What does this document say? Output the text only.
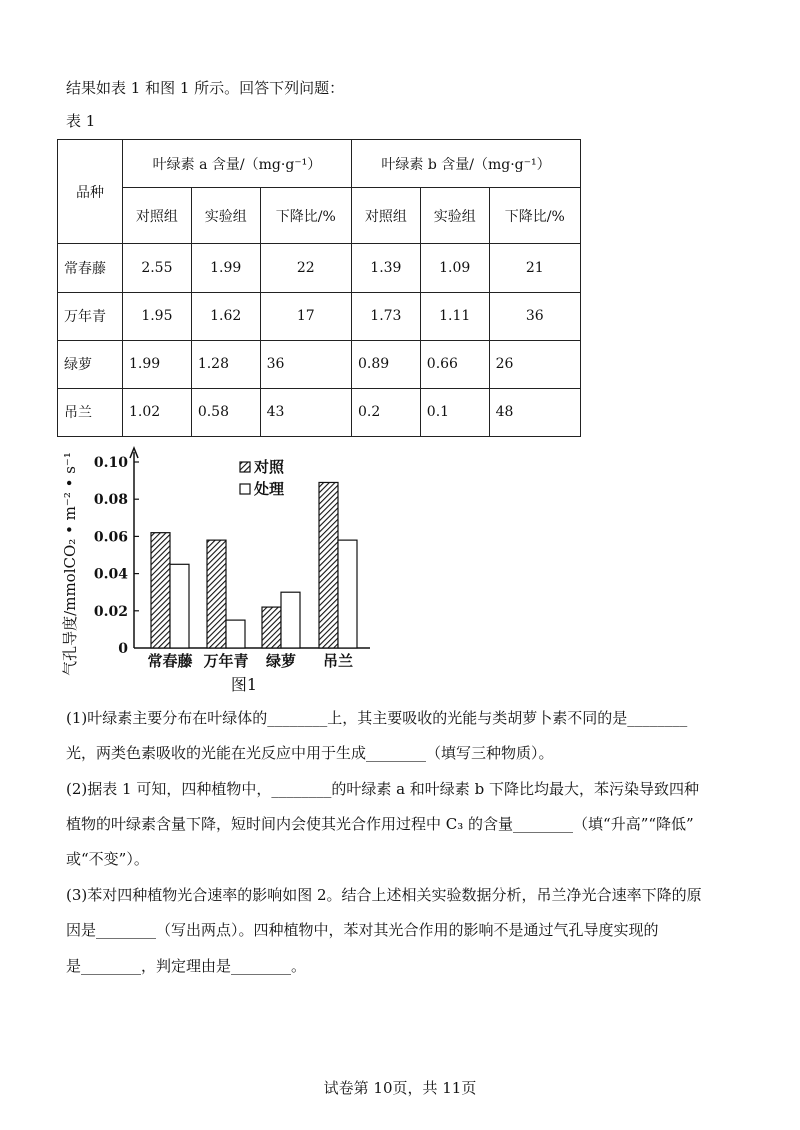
结果如表 1 和图 1 所示。回答下列问题：
表 1
品种	叶绿素 a 含量/（mg·g⁻¹）			叶绿素 b 含量/（mg·g⁻¹）		
	对照组	实验组	下降比/%	对照组	实验组	下降比/%
常春藤	2.55	1.99	22	1.39	1.09	21
万年青	1.95	1.62	17	1.73	1.11	36
绿萝	1.99	1.28	36	0.89	0.66	26
吊兰	1.02	0.58	43	0.2	0.1	48
气孔导度/mmolCO₂ • m⁻² • s⁻¹	0
0.02
0.04
0.06
0.08
0.10
常春藤 万年青 绿萝 吊兰
对照
处理
图1
(1)叶绿素主要分布在叶绿体的________上，其主要吸收的光能与类胡萝卜素不同的是________
光，两类色素吸收的光能在光反应中用于生成________（填写三种物质）。
(2)据表 1 可知，四种植物中，________的叶绿素 a 和叶绿素 b 下降比均最大，苯污染导致四种
植物的叶绿素含量下降，短时间内会使其光合作用过程中 C₃ 的含量________（填“升高”“降低”
或“不变”）。
(3)苯对四种植物光合速率的影响如图 2。结合上述相关实验数据分析，吊兰净光合速率下降的原
因是________（写出两点）。四种植物中，苯对其光合作用的影响不是通过气孔导度实现的
是________，判定理由是________。
试卷第 10页，共 11页
